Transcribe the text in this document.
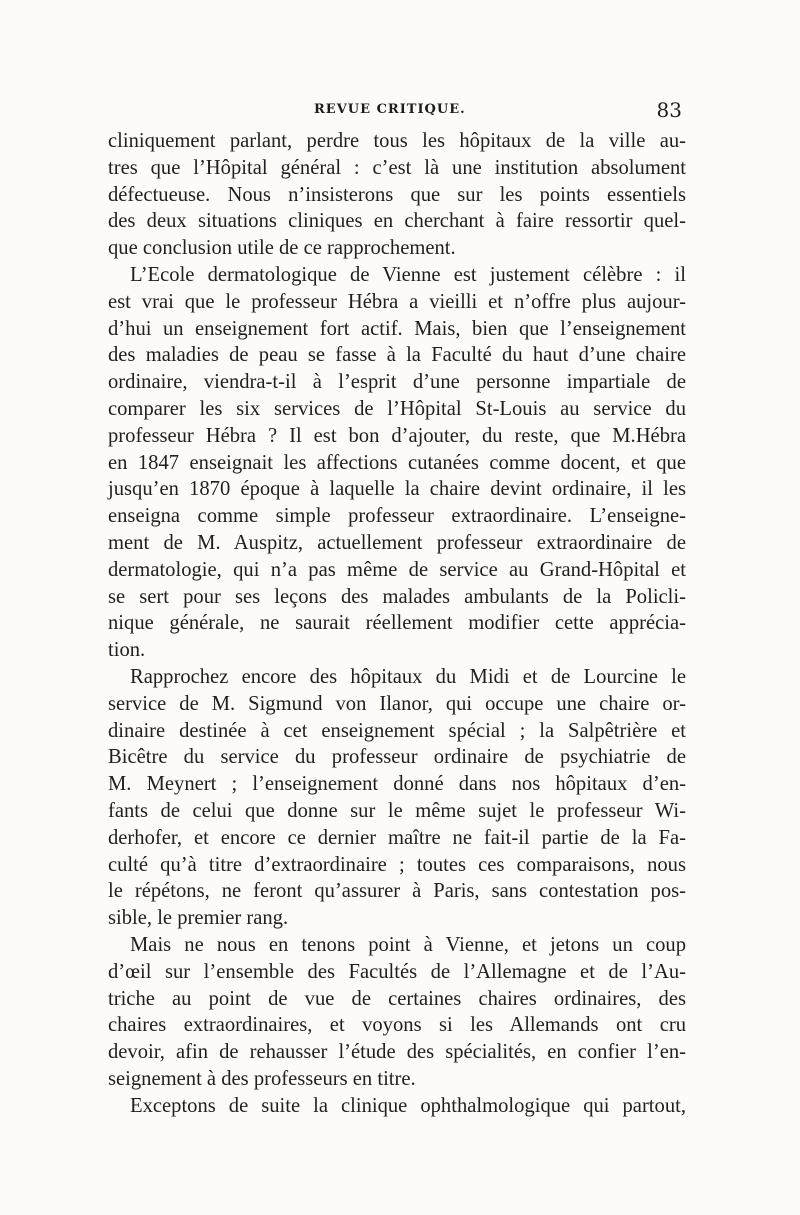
REVUE CRITIQUE.	83
cliniquement parlant, perdre tous les hôpitaux de la ville au-
tres que l’Hôpital général : c’est là une institution absolument
défectueuse. Nous n’insisterons que sur les points essentiels
des deux situations cliniques en cherchant à faire ressortir quel-
que conclusion utile de ce rapprochement.
L’Ecole dermatologique de Vienne est justement célèbre : il
est vrai que le professeur Hébra a vieilli et n’offre plus aujour-
d’hui un enseignement fort actif. Mais, bien que l’enseignement
des maladies de peau se fasse à la Faculté du haut d’une chaire
ordinaire, viendra-t-il à l’esprit d’une personne impartiale de
comparer les six services de l’Hôpital St-Louis au service du
professeur Hébra ? Il est bon d’ajouter, du reste, que M.Hébra
en 1847 enseignait les affections cutanées comme docent, et que
jusqu’en 1870 époque à laquelle la chaire devint ordinaire, il les
enseigna comme simple professeur extraordinaire. L’enseigne-
ment de M. Auspitz, actuellement professeur extraordinaire de
dermatologie, qui n’a pas même de service au Grand-Hôpital et
se sert pour ses leçons des malades ambulants de la Policli-
nique générale, ne saurait réellement modifier cette apprécia-
tion.
Rapprochez encore des hôpitaux du Midi et de Lourcine le
service de M. Sigmund von Ilanor, qui occupe une chaire or-
dinaire destinée à cet enseignement spécial ; la Salpêtrière et
Bicêtre du service du professeur ordinaire de psychiatrie de
M. Meynert ; l’enseignement donné dans nos hôpitaux d’en-
fants de celui que donne sur le même sujet le professeur Wi-
derhofer, et encore ce dernier maître ne fait-il partie de la Fa-
culté qu’à titre d’extraordinaire ; toutes ces comparaisons, nous
le répétons, ne feront qu’assurer à Paris, sans contestation pos-
sible, le premier rang.
Mais ne nous en tenons point à Vienne, et jetons un coup
d’œil sur l’ensemble des Facultés de l’Allemagne et de l’Au-
triche au point de vue de certaines chaires ordinaires, des
chaires extraordinaires, et voyons si les Allemands ont cru
devoir, afin de rehausser l’étude des spécialités, en confier l’en-
seignement à des professeurs en titre.
Exceptons de suite la clinique ophthalmologique qui partout,
